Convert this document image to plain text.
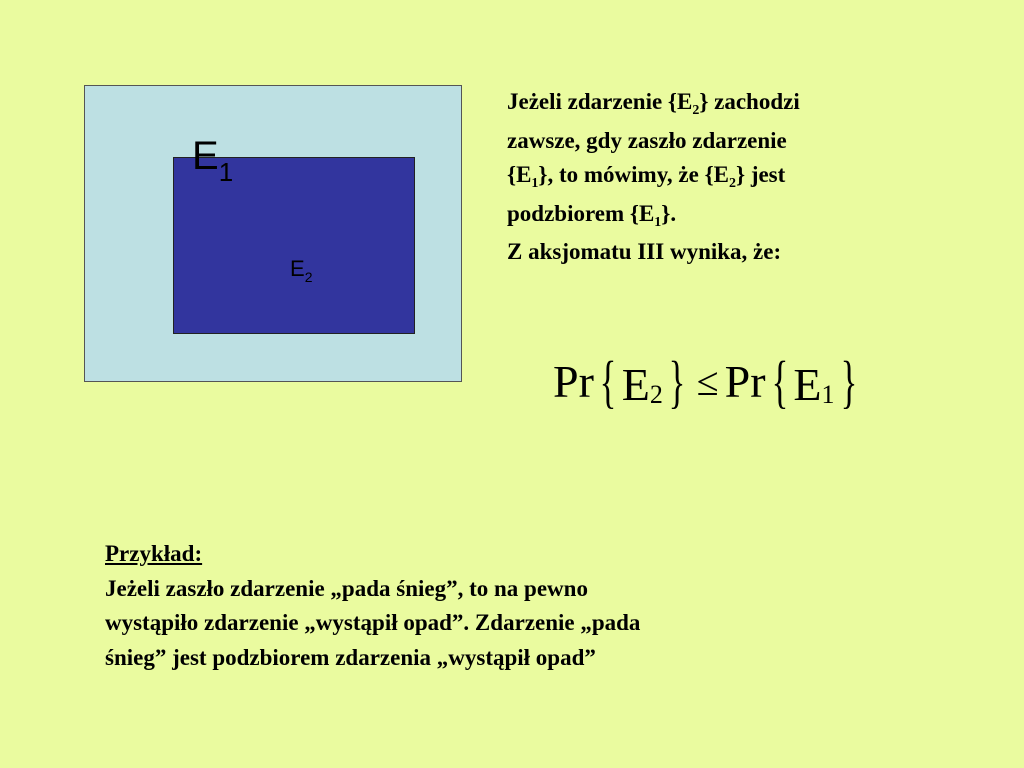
$E_1$
$E_2$
Jeżeli zdarzenie $\{E_2\}$ zachodzi
zawsze, gdy zaszło zdarzenie
$\{E_1\}$, to mówimy, że $\{E_2\}$ jest
podzbiorem $\{E_1\}$.
Z aksjomatu III wynika, że:
Pr{ E2} ≤ Pr{ E1}
Przykład:
Jeżeli zaszło zdarzenie „pada śnieg”, to na pewno
wystąpiło zdarzenie „wystąpił opad”. Zdarzenie „pada
śnieg” jest podzbiorem zdarzenia „wystąpił opad”
